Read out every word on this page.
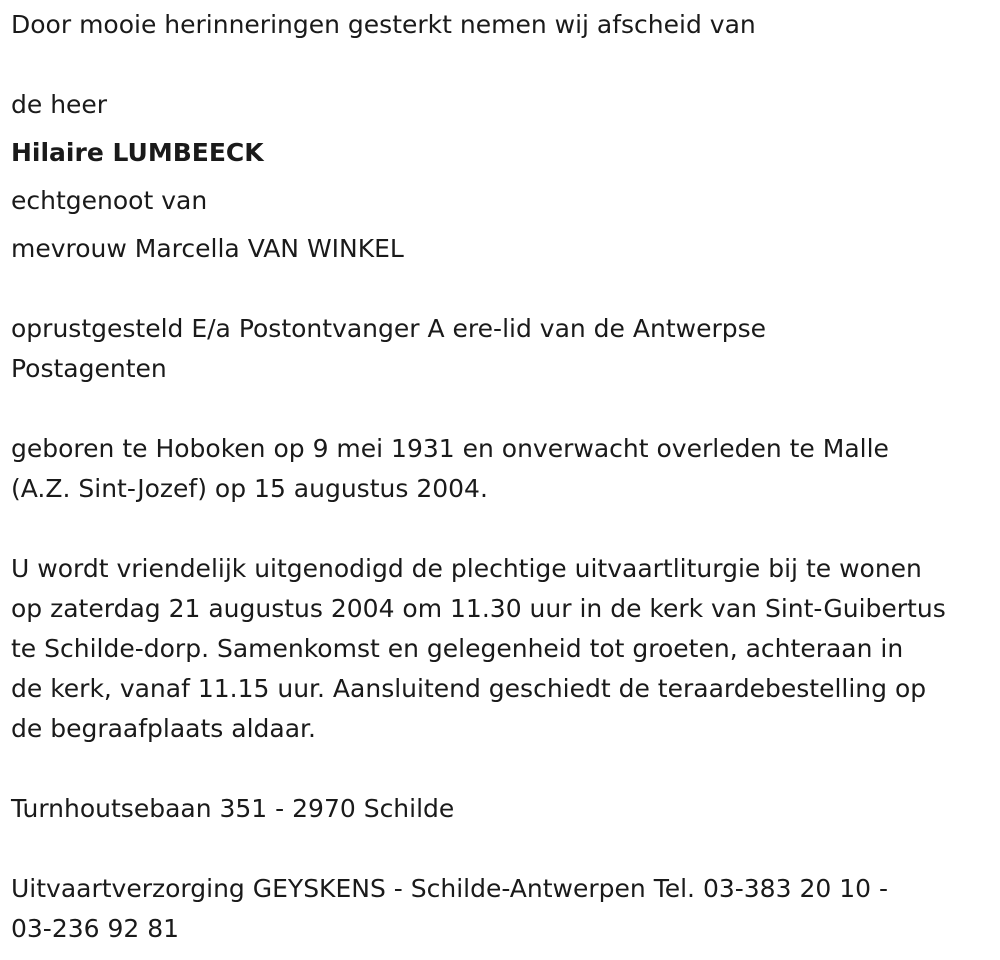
Door mooie herinneringen gesterkt nemen wij afscheid van

de heer

Hilaire LUMBEECK

echtgenoot van

mevrouw Marcella VAN WINKEL

oprustgesteld E/a Postontvanger A ere-lid van de Antwerpse

Postagenten

geboren te Hoboken op 9 mei 1931 en onverwacht overleden te Malle

(A.Z. Sint-Jozef) op 15 augustus 2004.

U wordt vriendelijk uitgenodigd de plechtige uitvaartliturgie bij te wonen

op zaterdag 21 augustus 2004 om 11.30 uur in de kerk van Sint-Guibertus

te Schilde-dorp. Samenkomst en gelegenheid tot groeten, achteraan in

de kerk, vanaf 11.15 uur. Aansluitend geschiedt de teraardebestelling op

de begraafplaats aldaar.

Turnhoutsebaan 351 - 2970 Schilde

Uitvaartverzorging GEYSKENS - Schilde-Antwerpen Tel. 03-383 20 10 -

03-236 92 81
